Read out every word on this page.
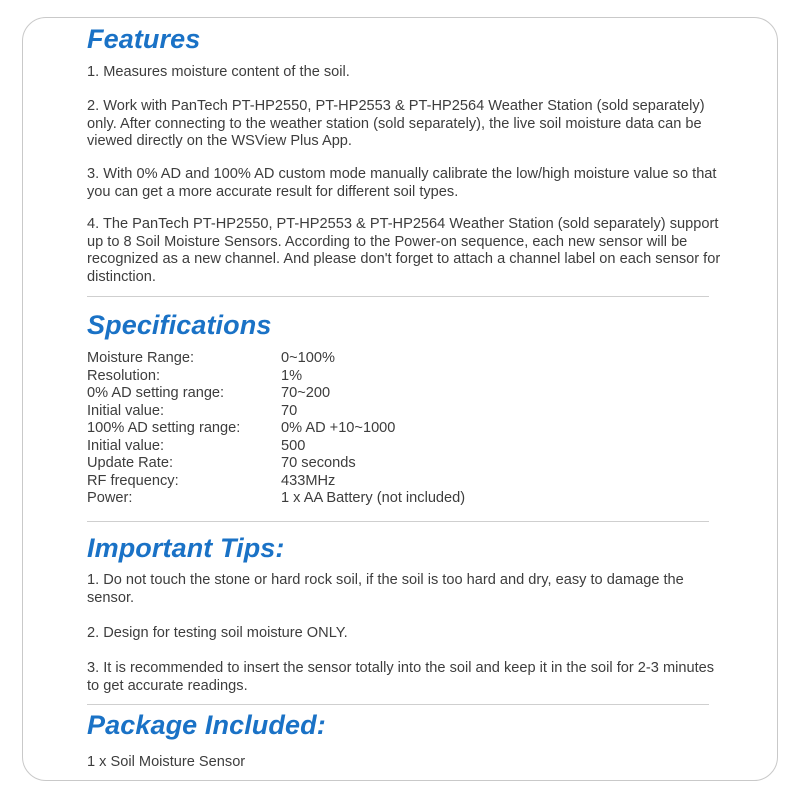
Features

1. Measures moisture content of the soil.

2. Work with PanTech PT-HP2550, PT-HP2553 & PT-HP2564 Weather Station (sold separately) only. After connecting to the weather station (sold separately), the live soil moisture data can be viewed directly on the WSView Plus App.

3. With 0% AD and 100% AD custom mode manually calibrate the low/high moisture value so that you can get a more accurate result for different soil types.

4. The PanTech PT-HP2550, PT-HP2553 & PT-HP2564 Weather Station (sold separately) support up to 8 Soil Moisture Sensors. According to the Power-on sequence, each new sensor will be recognized as a new channel. And please don't forget to attach a channel label on each sensor for distinction.

Specifications
Moisture Range:	0~100%
Resolution:	1%
0% AD setting range:	70~200
Initial value:	70
100% AD setting range:	0% AD +10~1000
Initial value:	500
Update Rate:	70 seconds
RF frequency:	433MHz
Power:	1 x AA Battery (not included)
Important Tips:

1. Do not touch the stone or hard rock soil, if the soil is too hard and dry, easy to damage the sensor.

2. Design for testing soil moisture ONLY.

3. It is recommended to insert the sensor totally into the soil and keep it in the soil for 2-3 minutes to get accurate readings.

Package Included:

1 x Soil Moisture Sensor
